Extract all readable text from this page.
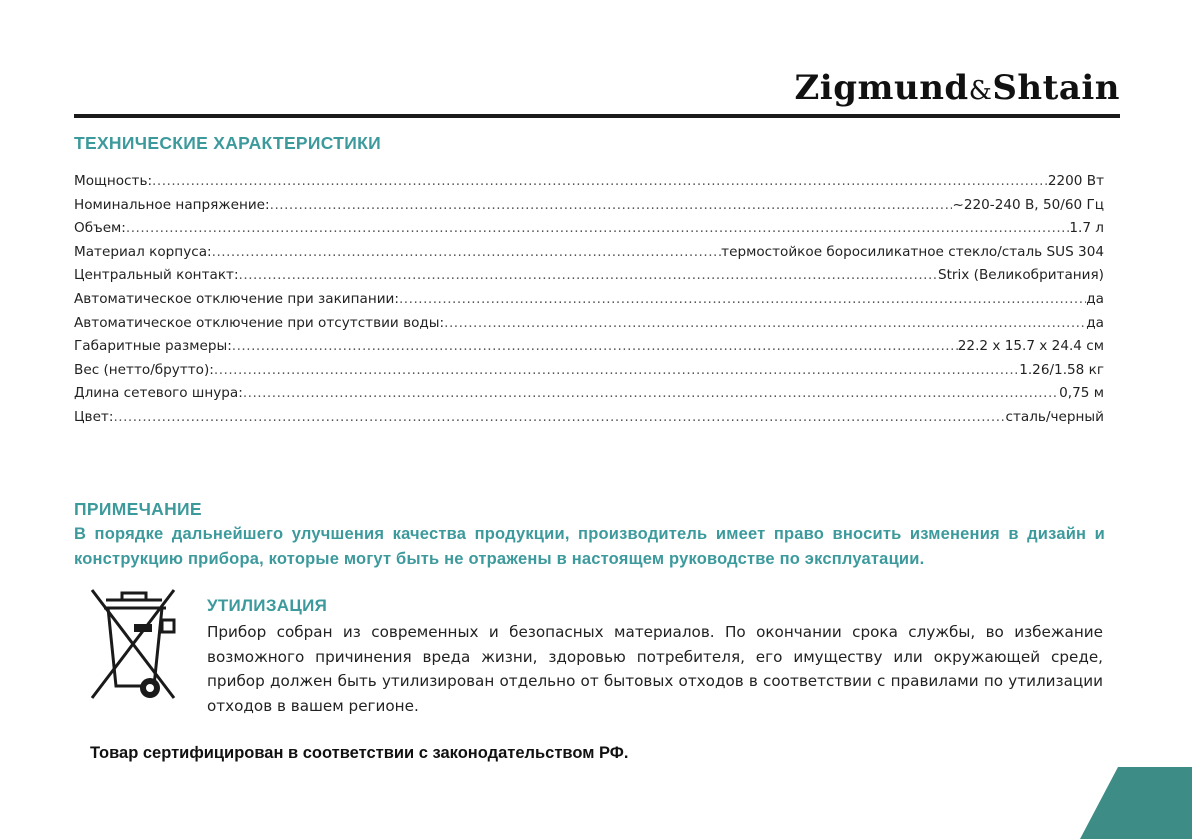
Zigmund&Shtain
ТЕХНИЧЕСКИЕ ХАРАКТЕРИСТИКИ
Мощность: .....	2200 Вт
Номинальное напряжение: .....	~220-240 В, 50/60 Гц
Объем: .....	1.7 л
Материал корпуса: .....	термостойкое боросиликатное стекло/сталь SUS 304
Центральный контакт: .....	Strix (Великобритания)
Автоматическое отключение при закипании: .....	да
Автоматическое отключение при отсутствии воды: .....	да
Габаритные размеры: .....	22.2 x 15.7 x 24.4 см
Вес (нетто/брутто): .....	1.26/1.58 кг
Длина сетевого шнура: .....	0,75 м
Цвет: .....	сталь/черный
ПРИМЕЧАНИЕ
В порядке дальнейшего улучшения качества продукции, производитель имеет право вносить изменения в дизайн и конструкцию прибора, которые могут быть не отражены в настоящем руководстве по эксплуатации.
УТИЛИЗАЦИЯ
Прибор собран из современных и безопасных материалов. По окончании срока службы, во избежание возможного причинения вреда жизни, здоровью потребителя, его имуществу или окружающей среде, прибор должен быть утилизирован отдельно от бытовых отходов в соответствии с правилами по утилизации отходов в вашем регионе.
Товар сертифицирован в соответствии с законодательством РФ.
